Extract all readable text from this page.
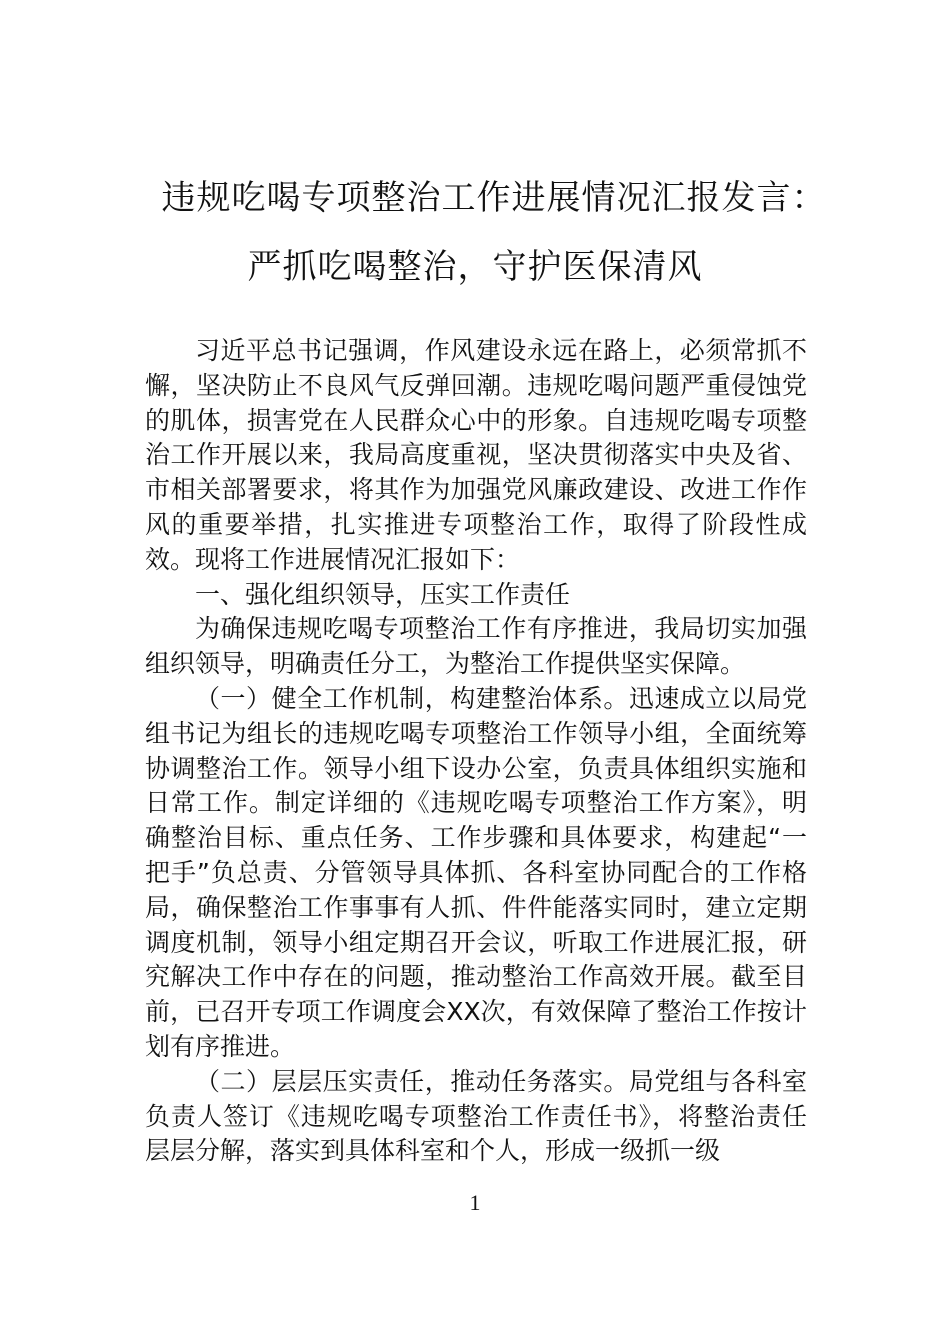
违规吃喝专项整治工作进展情况汇报发言：
严抓吃喝整治，守护医保清风

习近平总书记强调，作风建设永远在路上，必须常抓不懈，坚决防止不良风气反弹回潮。违规吃喝问题严重侵蚀党的肌体，损害党在人民群众心中的形象。自违规吃喝专项整治工作开展以来，我局高度重视，坚决贯彻落实中央及省、市相关部署要求，将其作为加强党风廉政建设、改进工作作风的重要举措，扎实推进专项整治工作，取得了阶段性成效。现将工作进展情况汇报如下：

一、强化组织领导，压实工作责任

为确保违规吃喝专项整治工作有序推进，我局切实加强组织领导，明确责任分工，为整治工作提供坚实保障。

（一）健全工作机制，构建整治体系。迅速成立以局党组书记为组长的违规吃喝专项整治工作领导小组，全面统筹协调整治工作。领导小组下设办公室，负责具体组织实施和日常工作。制定详细的《违规吃喝专项整治工作方案》，明确整治目标、重点任务、工作步骤和具体要求，构建起“一把手”负总责、分管领导具体抓、各科室协同配合的工作格局，确保整治工作事事有人抓、件件能落实同时，建立定期调度机制，领导小组定期召开会议，听取工作进展汇报，研究解决工作中存在的问题，推动整治工作高效开展。截至目前，已召开专项工作调度会XX次，有效保障了整治工作按计划有序推进。

（二）层层压实责任，推动任务落实。局党组与各科室负责人签订《违规吃喝专项整治工作责任书》，将整治责任层层分解，落实到具体科室和个人，形成一级抓一级

1
